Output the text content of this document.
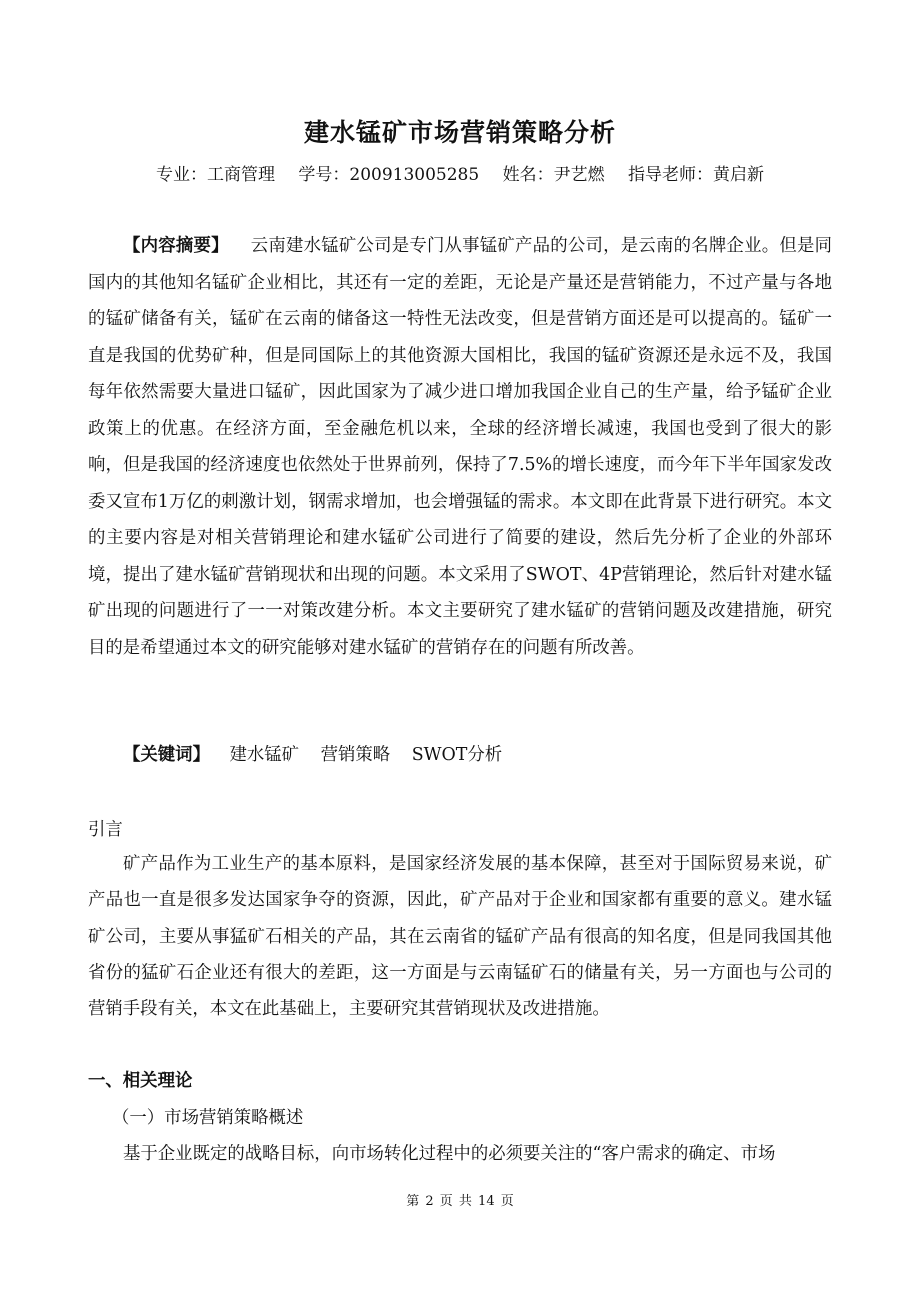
建水锰矿市场营销策略分析
专业：工商管理 学号：200913005285 姓名：尹艺燃 指导老师：黄启新

【内容摘要】 云南建水锰矿公司是专门从事锰矿产品的公司，是云南的名牌企业。但是同国内的其他知名锰矿企业相比，其还有一定的差距，无论是产量还是营销能力，不过产量与各地的锰矿储备有关，锰矿在云南的储备这一特性无法改变，但是营销方面还是可以提高的。锰矿一直是我国的优势矿种，但是同国际上的其他资源大国相比，我国的锰矿资源还是永远不及，我国每年依然需要大量进口锰矿，因此国家为了减少进口增加我国企业自己的生产量，给予锰矿企业政策上的优惠。在经济方面，至金融危机以来，全球的经济增长减速，我国也受到了很大的影响，但是我国的经济速度也依然处于世界前列，保持了7.5%的增长速度，而今年下半年国家发改委又宣布1万亿的刺激计划，钢需求增加，也会增强锰的需求。本文即在此背景下进行研究。本文的主要内容是对相关营销理论和建水锰矿公司进行了简要的建设，然后先分析了企业的外部环境，提出了建水锰矿营销现状和出现的问题。本文采用了SWOT、4P营销理论，然后针对建水锰矿出现的问题进行了一一对策改建分析。本文主要研究了建水锰矿的营销问题及改建措施，研究目的是希望通过本文的研究能够对建水锰矿的营销存在的问题有所改善。

【关键词】 建水锰矿 营销策略 SWOT分析
引言

矿产品作为工业生产的基本原料，是国家经济发展的基本保障，甚至对于国际贸易来说，矿产品也一直是很多发达国家争夺的资源，因此，矿产品对于企业和国家都有重要的意义。建水锰矿公司，主要从事猛矿石相关的产品，其在云南省的锰矿产品有很高的知名度，但是同我国其他省份的猛矿石企业还有很大的差距，这一方面是与云南锰矿石的储量有关，另一方面也与公司的营销手段有关，本文在此基础上，主要研究其营销现状及改进措施。

一、相关理论
（一）市场营销策略概述

基于企业既定的战略目标，向市场转化过程中的必须要关注的“客户需求的确定、市场

第 2 页 共 14 页
